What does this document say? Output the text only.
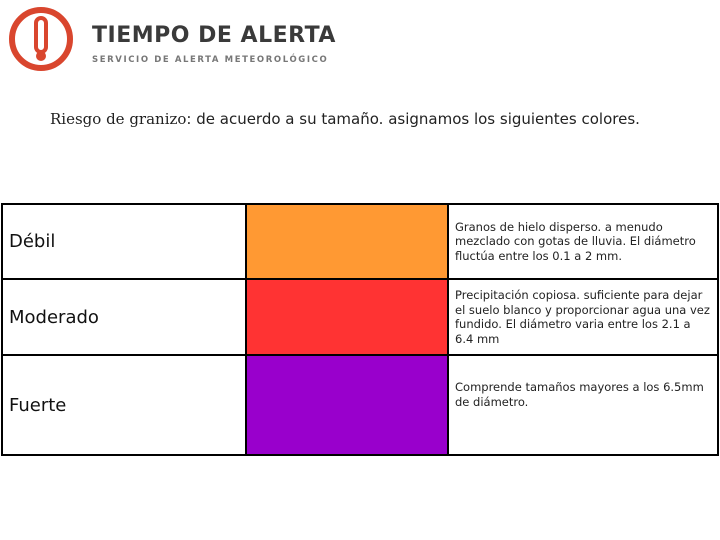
TIEMPO DE ALERTA
SERVICIO DE ALERTA METEOROLÓGICO
Riesgo de granizo: de acuerdo a su tamaño. asignamos los siguientes colores.
Débil		Granos de hielo disperso. a menudo mezclado con gotas de lluvia. El diámetro fluctúa entre los 0.1 a 2 mm.
Moderado		Precipitación copiosa. suficiente para dejar el suelo blanco y proporcionar agua una vez fundido. El diámetro varia entre los 2.1 a 6.4 mm
Fuerte		Comprende tamaños mayores a los 6.5mm de diámetro.
